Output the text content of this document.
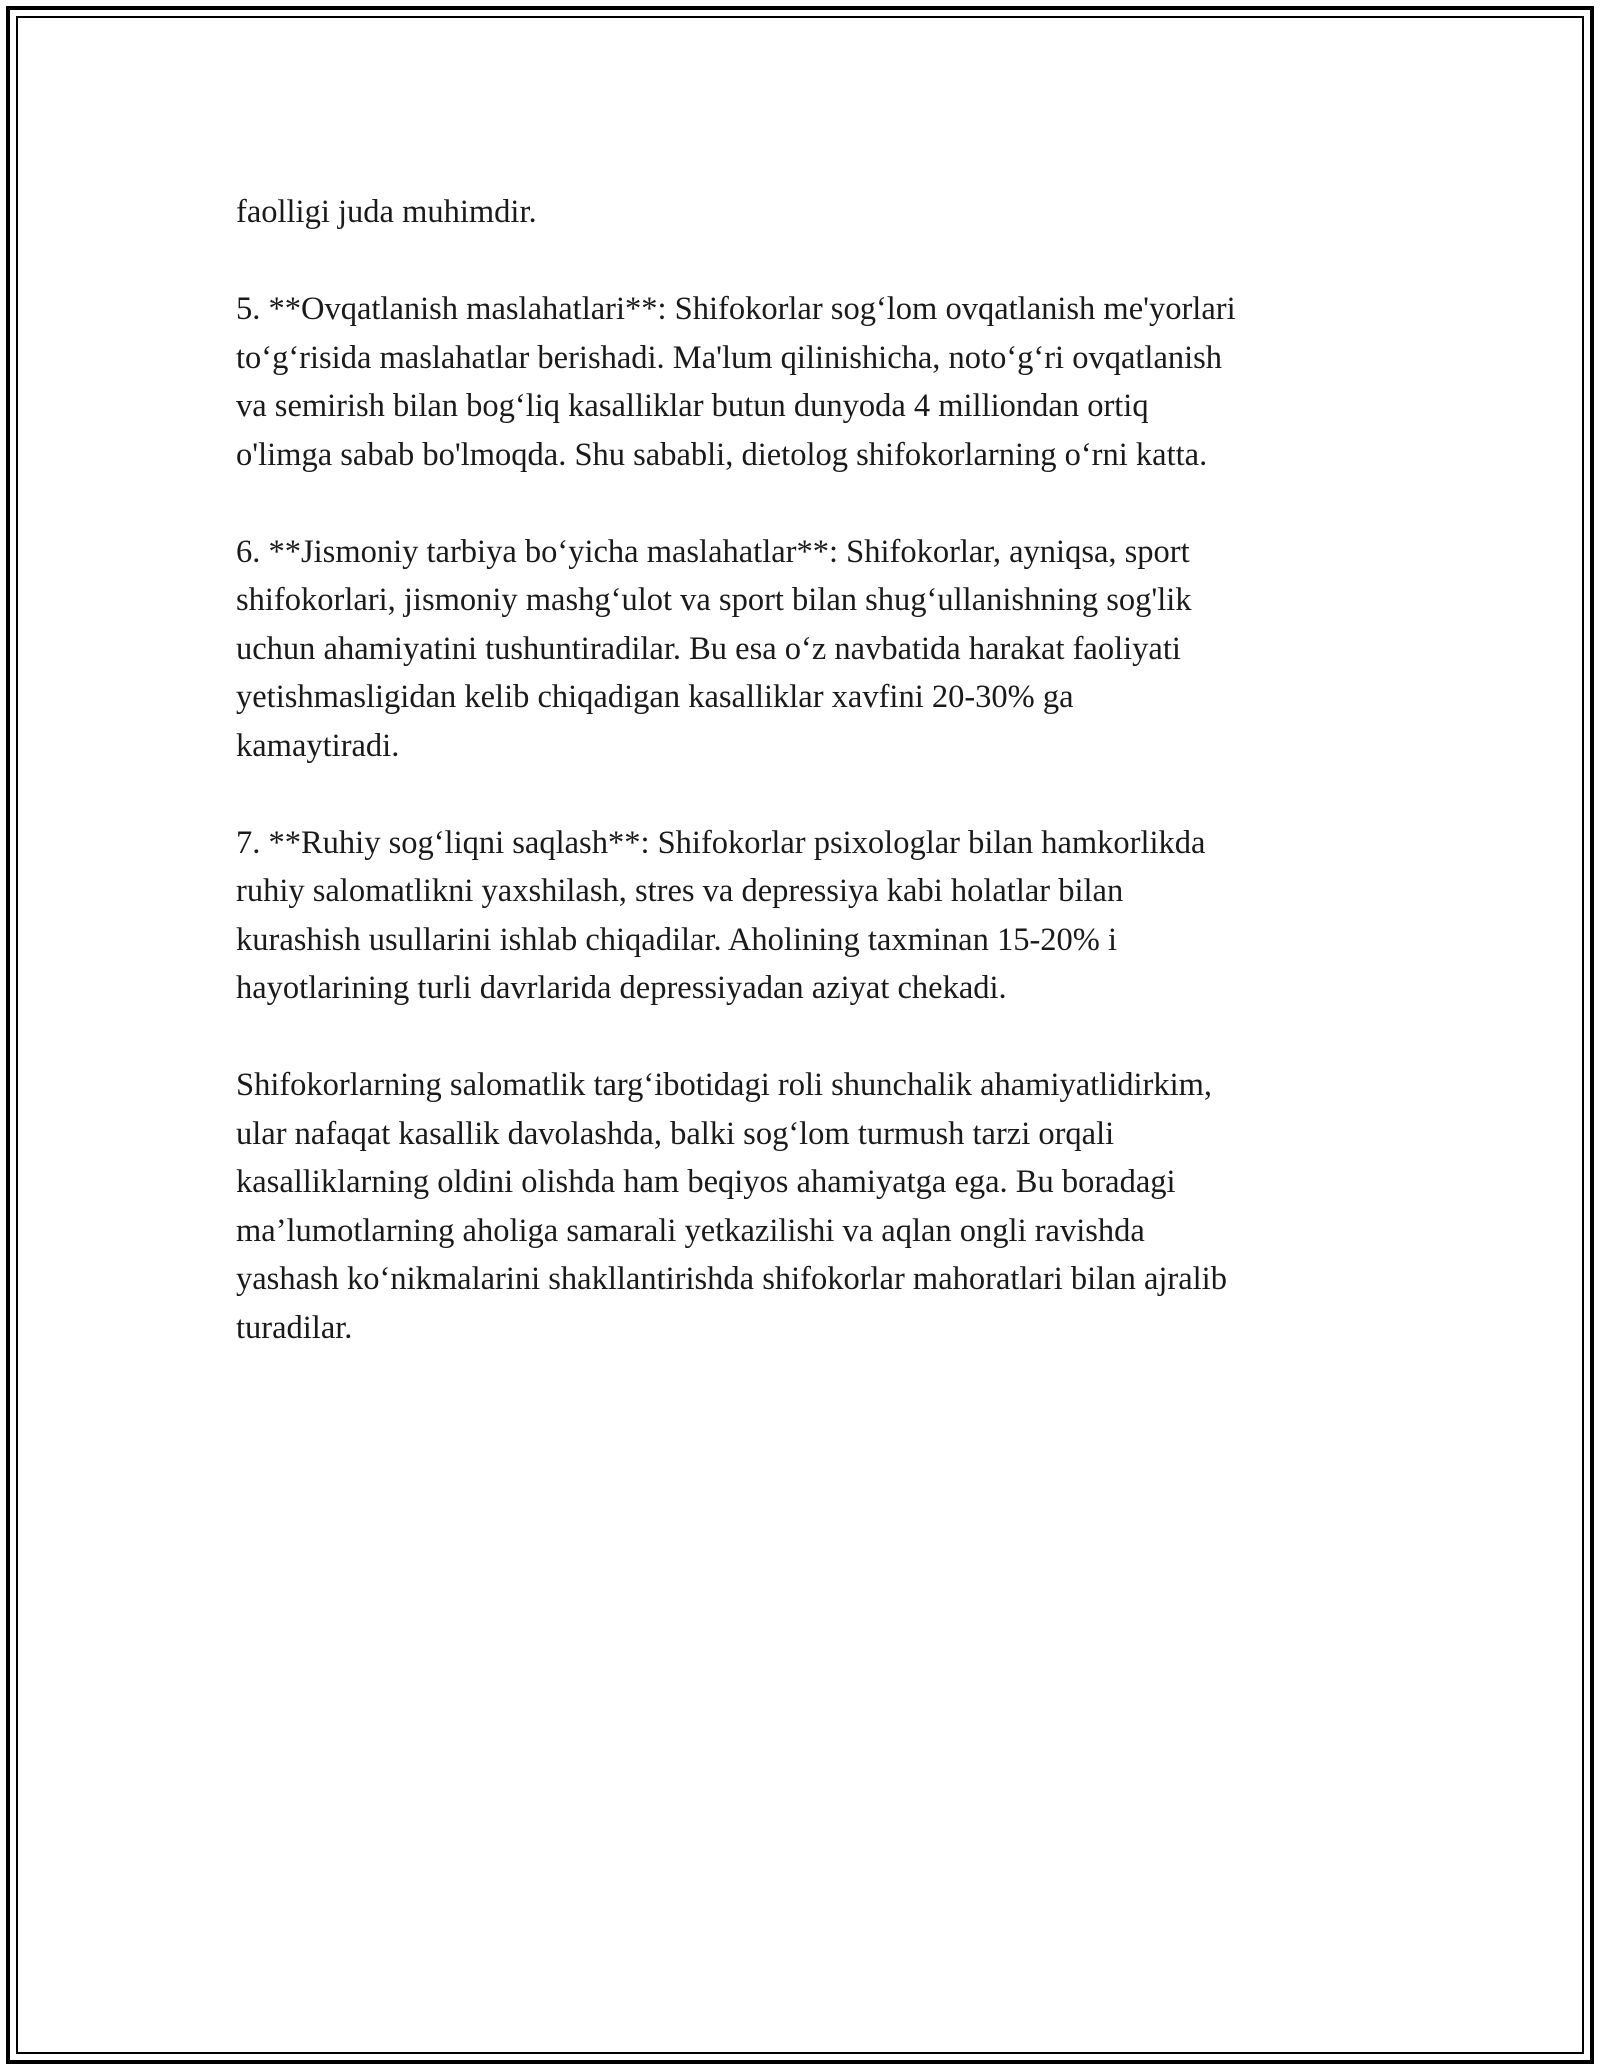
faolligi juda muhimdir.

5. **Ovqatlanish maslahatlari**: Shifokorlar sog‘lom ovqatlanish me'yorlari
to‘g‘risida maslahatlar berishadi. Ma'lum qilinishicha, noto‘g‘ri ovqatlanish
va semirish bilan bog‘liq kasalliklar butun dunyoda 4 milliondan ortiq
o'limga sabab bo'lmoqda. Shu sababli, dietolog shifokorlarning o‘rni katta.

6. **Jismoniy tarbiya bo‘yicha maslahatlar**: Shifokorlar, ayniqsa, sport
shifokorlari, jismoniy mashg‘ulot va sport bilan shug‘ullanishning sog'lik
uchun ahamiyatini tushuntiradilar. Bu esa o‘z navbatida harakat faoliyati
yetishmasligidan kelib chiqadigan kasalliklar xavfini 20-30% ga
kamaytiradi.

7. **Ruhiy sog‘liqni saqlash**: Shifokorlar psixologlar bilan hamkorlikda
ruhiy salomatlikni yaxshilash, stres va depressiya kabi holatlar bilan
kurashish usullarini ishlab chiqadilar. Aholining taxminan 15-20% i
hayotlarining turli davrlarida depressiyadan aziyat chekadi.

Shifokorlarning salomatlik targ‘ibotidagi roli shunchalik ahamiyatlidirkim,
ular nafaqat kasallik davolashda, balki sog‘lom turmush tarzi orqali
kasalliklarning oldini olishda ham beqiyos ahamiyatga ega. Bu boradagi
ma’lumotlarning aholiga samarali yetkazilishi va aqlan ongli ravishda
yashash ko‘nikmalarini shakllantirishda shifokorlar mahoratlari bilan ajralib
turadilar.
